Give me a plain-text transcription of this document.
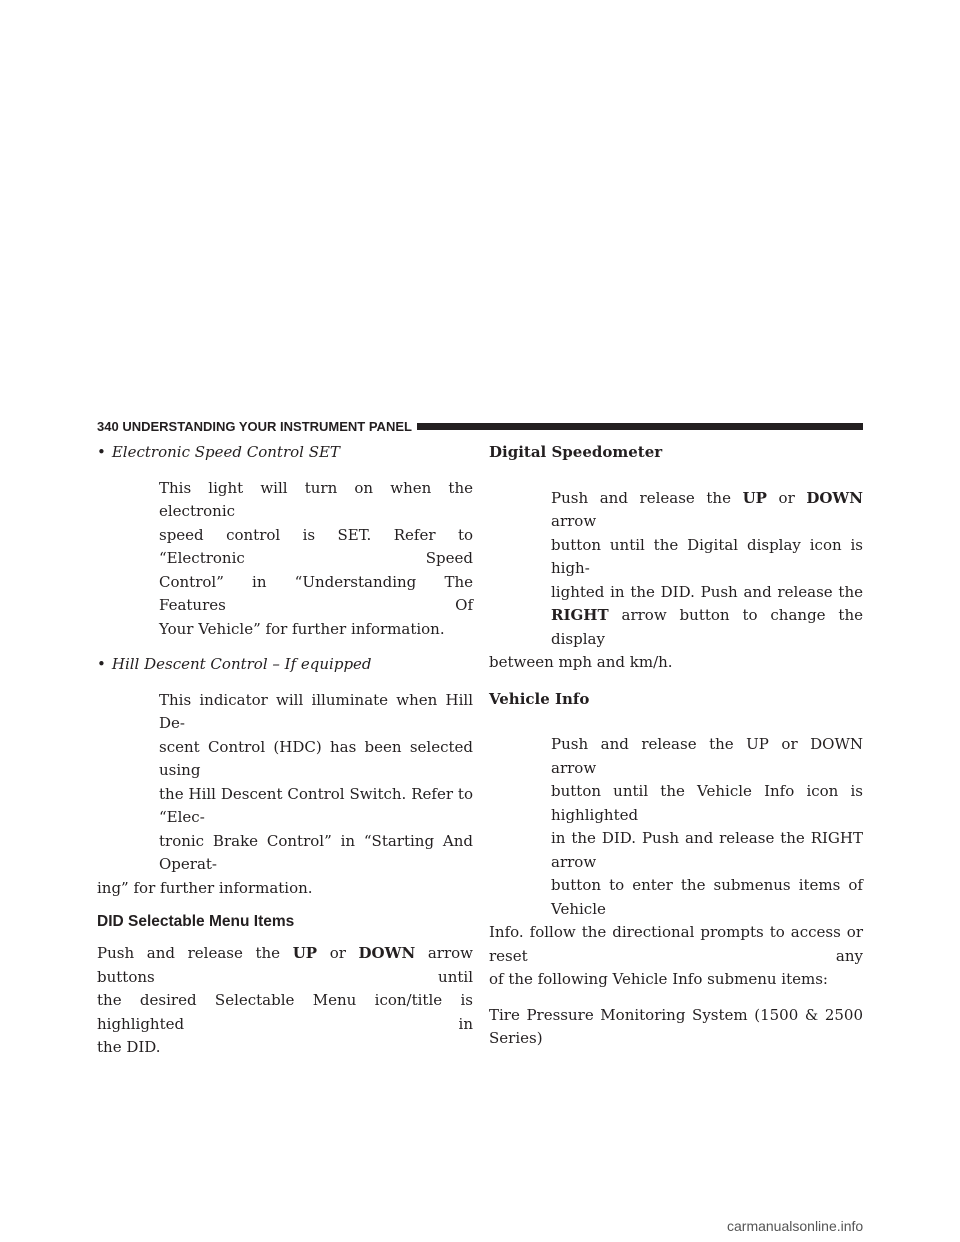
340 UNDERSTANDING YOUR INSTRUMENT PANEL

• Electronic Speed Control SET

This light will turn on when the electronic
speed control is SET. Refer to “Electronic Speed
Control” in “Understanding The Features Of
Your Vehicle” for further information.

• Hill Descent Control – If equipped

This indicator will illuminate when Hill De-
scent Control (HDC) has been selected using
the Hill Descent Control Switch. Refer to “Elec-
tronic Brake Control” in “Starting And Operat-

ing” for further information.

DID Selectable Menu Items

Push and release the UP or DOWN arrow buttons until
the desired Selectable Menu icon/title is highlighted in
the DID.

Digital Speedometer

Push and release the UP or DOWN arrow
button until the Digital display icon is high-
lighted in the DID. Push and release the
RIGHT arrow button to change the display

between mph and km/h.

Vehicle Info

Push and release the UP or DOWN arrow
button until the Vehicle Info icon is highlighted
in the DID. Push and release the RIGHT arrow
button to enter the submenus items of Vehicle
Info. follow the directional prompts to access or reset any
of the following Vehicle Info submenu items:

Tire Pressure Monitoring System (1500 & 2500 Series)

carmanualsonline.info
